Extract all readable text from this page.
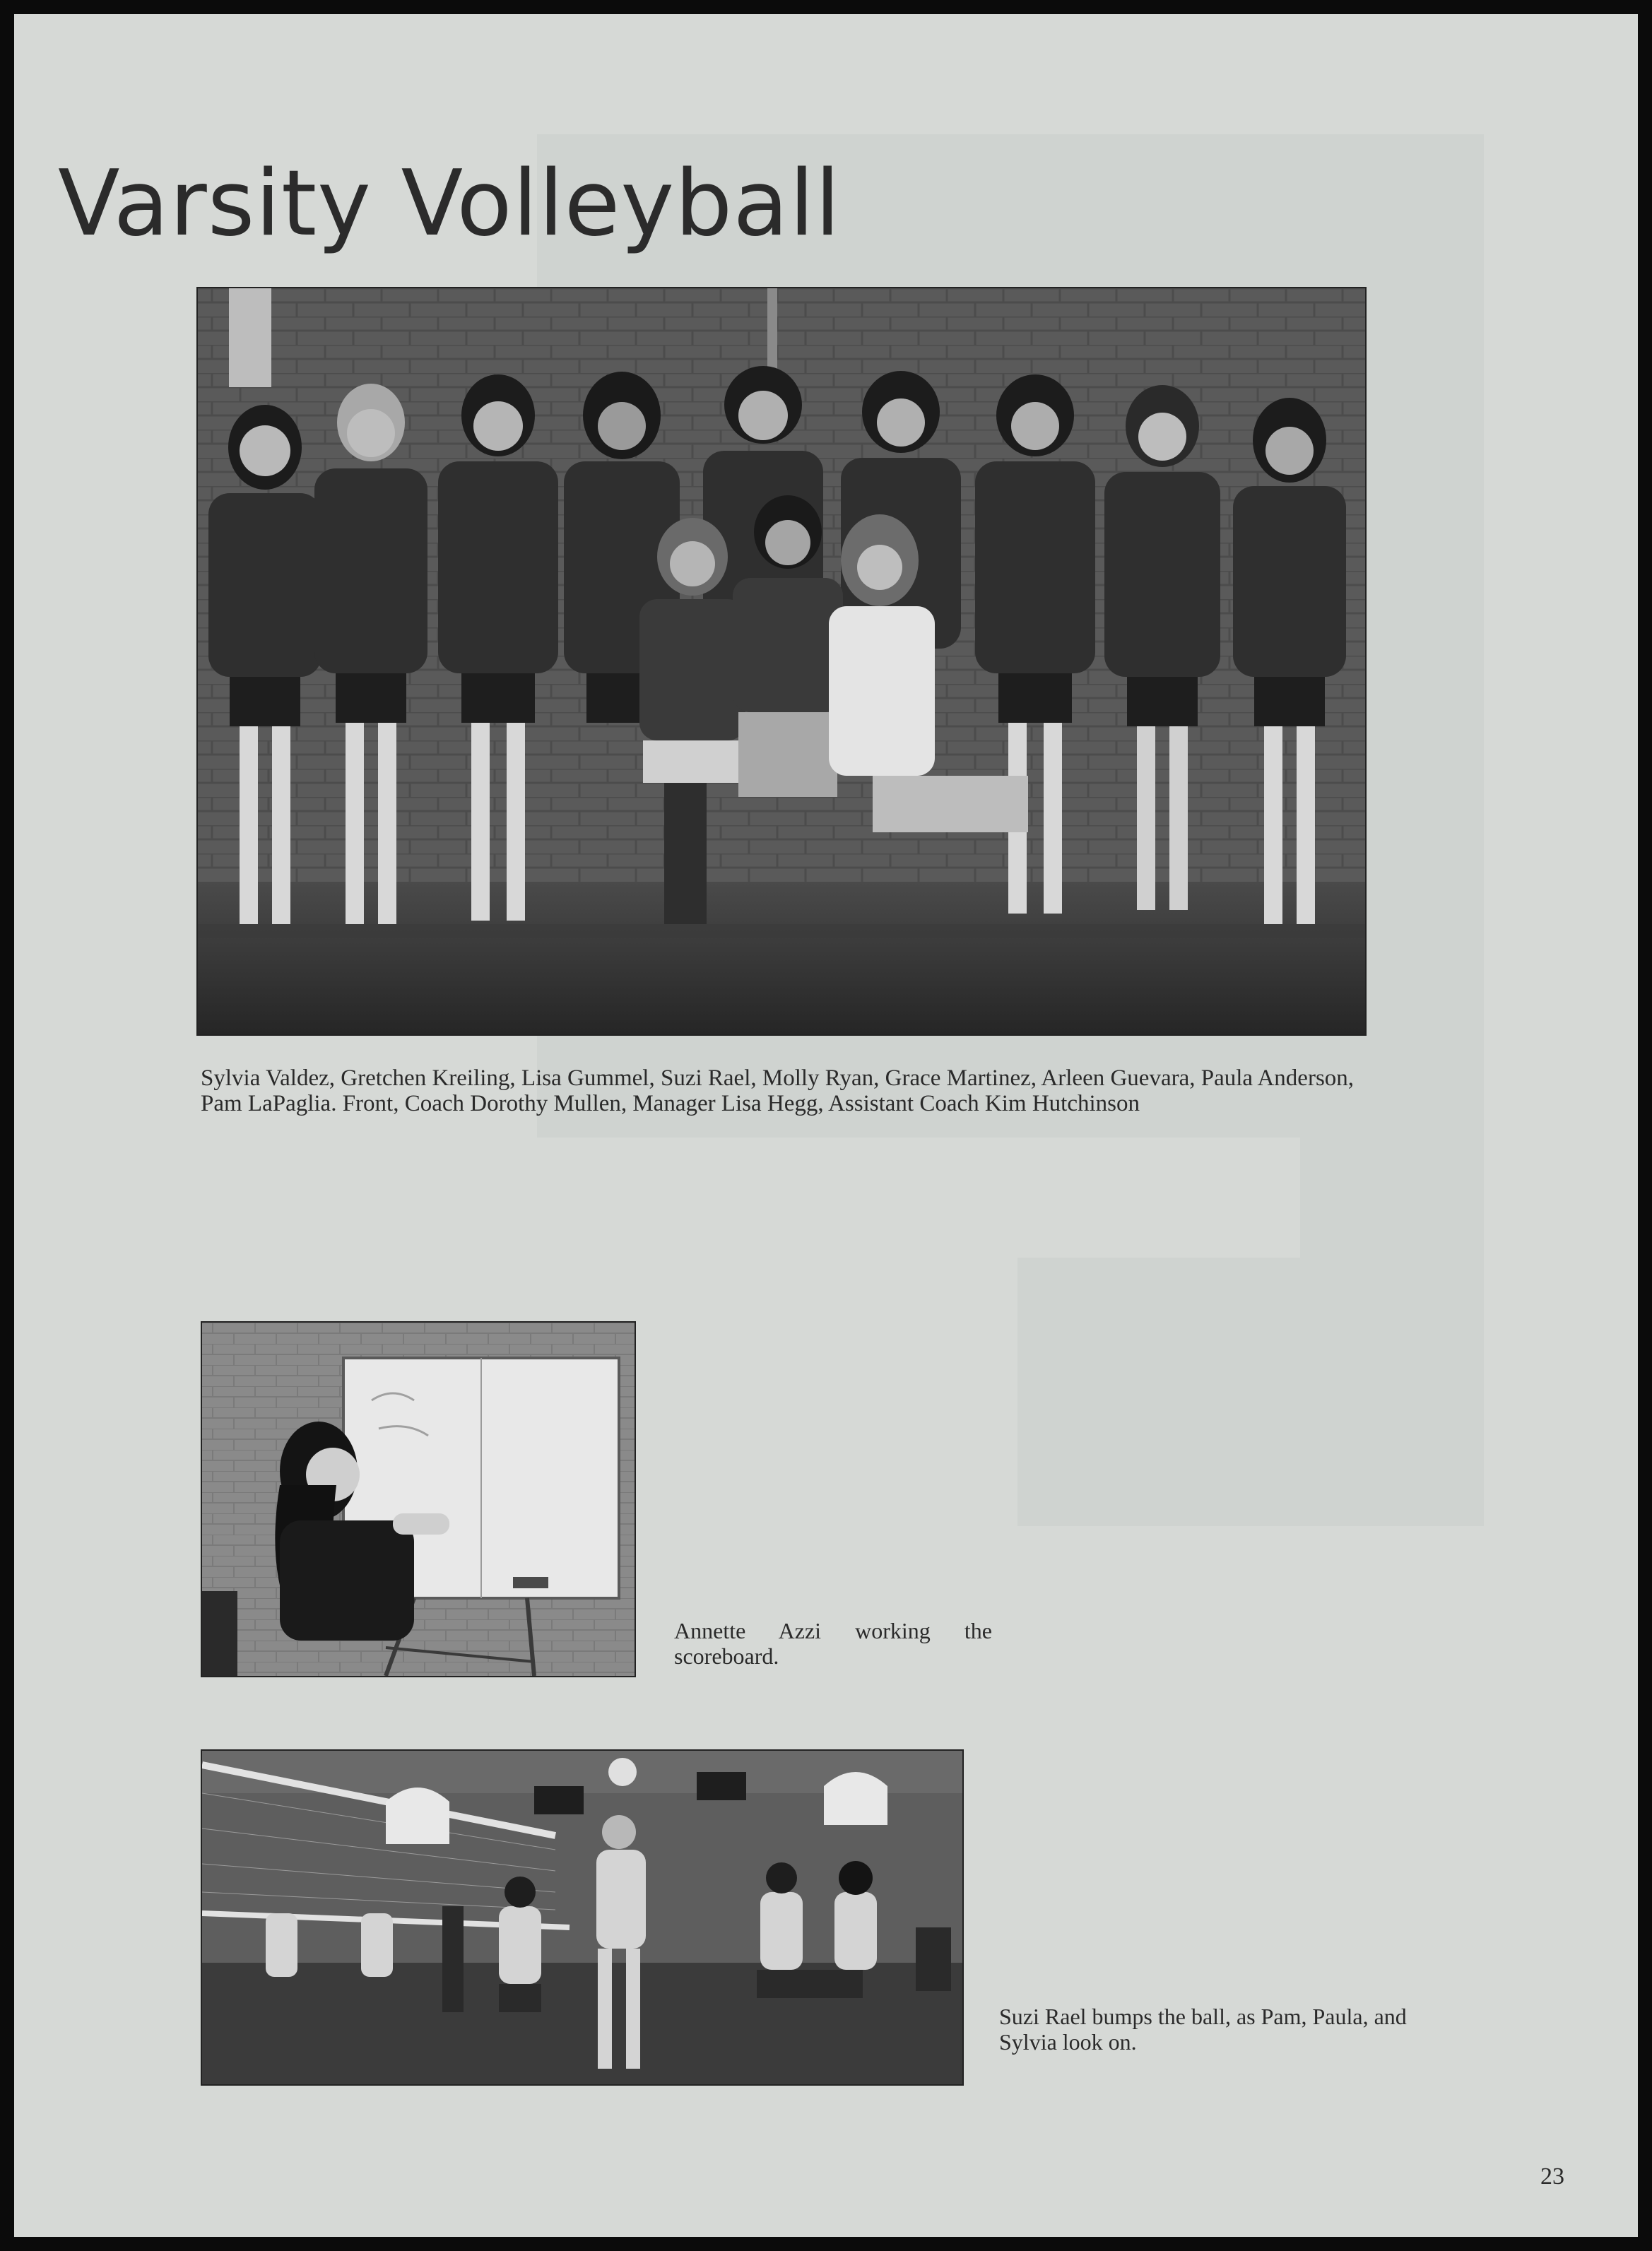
Varsity Volleyball
Sylvia Valdez, Gretchen Kreiling, Lisa Gummel, Suzi Rael, Molly Ryan, Grace Martinez, Arleen Guevara, Paula Anderson, Pam LaPaglia. Front, Coach Dorothy Mullen, Manager Lisa Hegg, Assistant Coach Kim Hutchinson
Annette Azzi working the scoreboard.
Suzi Rael bumps the ball, as Pam, Paula, and Sylvia look on.
23
